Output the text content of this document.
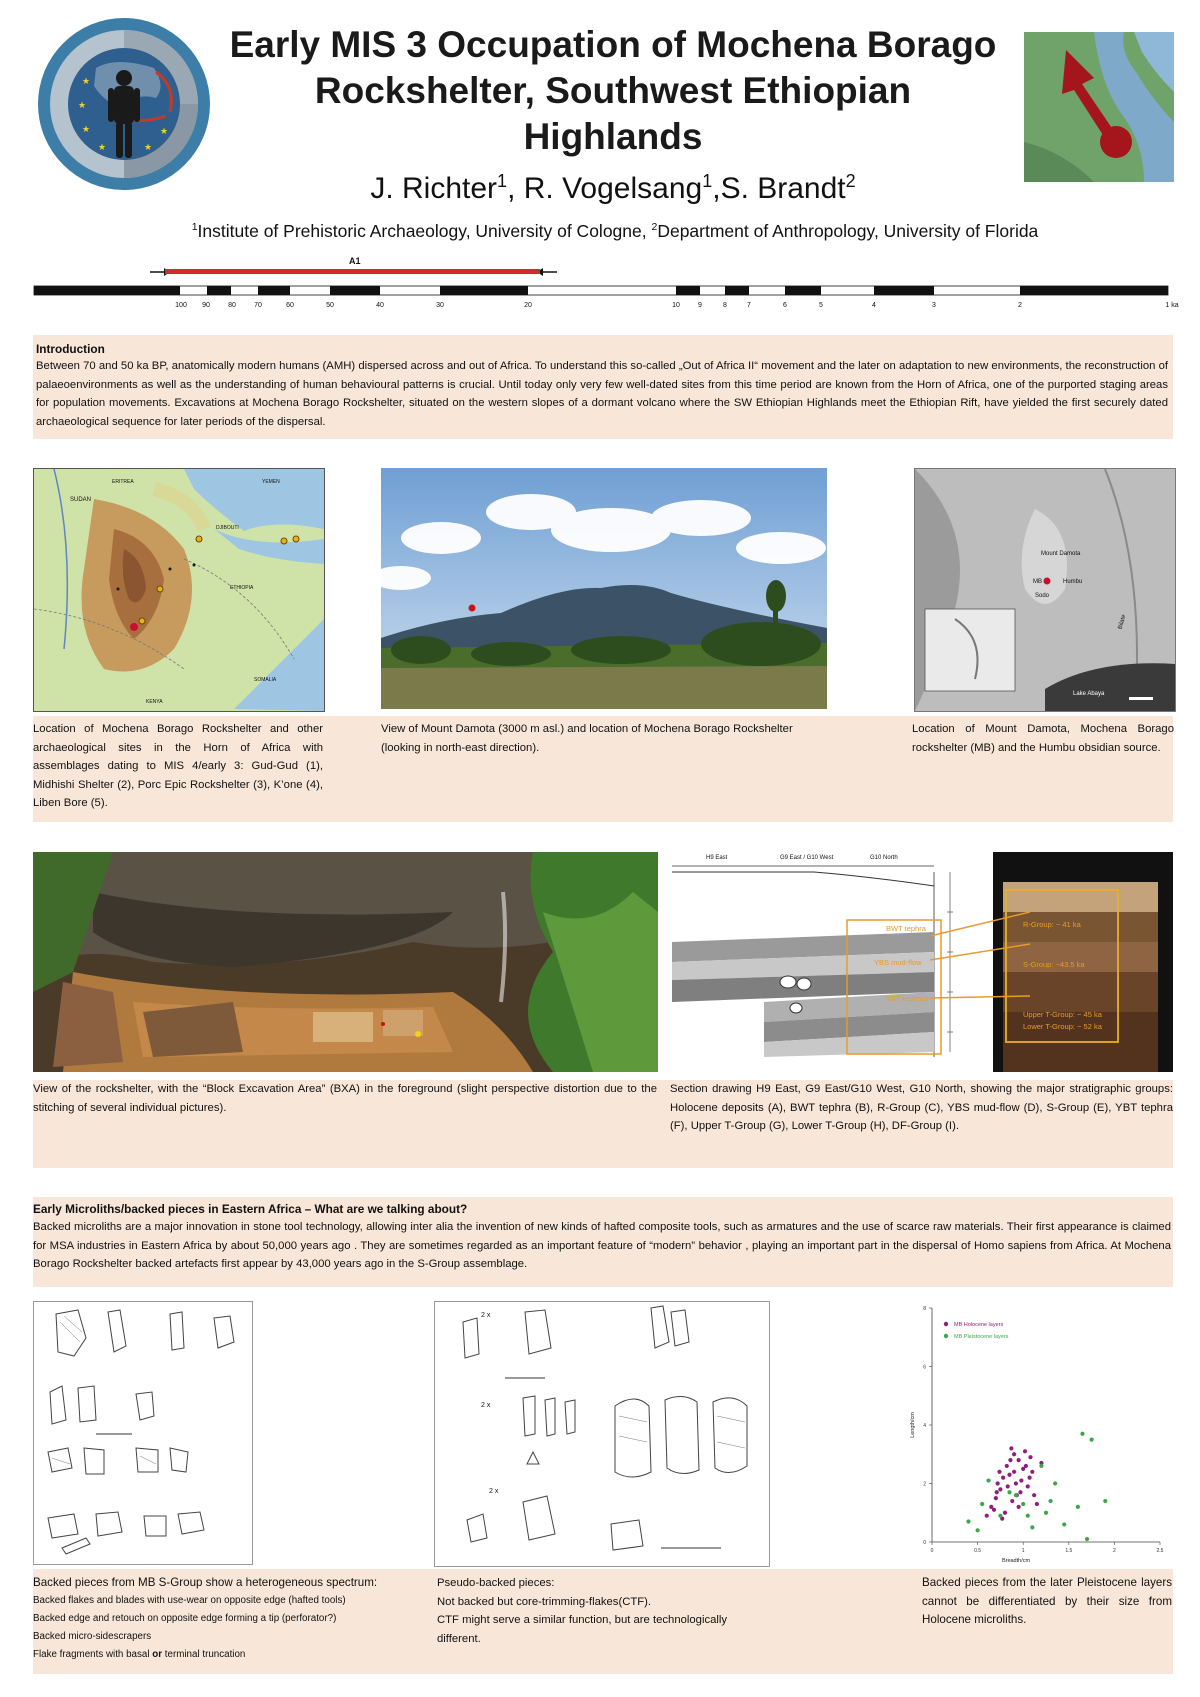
★
★
★
★	★
★
Early MIS 3 Occupation of Mochena Borago Rockshelter, Southwest Ethiopian Highlands
J. Richter$^1$, R. Vogelsang$^1$,S. Brandt$^2$
$^1$Institute of Prehistoric Archaeology, University of Cologne, $^2$Department of Anthropology, University of Florida
A1
100 90	80	70	60	50	40	30	20	10	9	8	7	6	5	4	3	2	1 ka
Introduction
Between 70 and 50 ka BP, anatomically modern humans (AMH) dispersed across and out of Africa. To understand this so-called „Out of Africa II“ movement and the later on adaptation to new environments, the reconstruction of palaeoenvironments as well as the understanding of human behavioural patterns is crucial. Until today only very few well-dated sites from this time period are known from the Horn of Africa, one of the purported staging areas for population movements. Excavations at Mochena Borago Rockshelter, situated on the western slopes of a dormant volcano where the SW Ethiopian Highlands meet the Ethiopian Rift, have yielded the first securely dated archaeological sequence for later periods of the dispersal.
SUDAN
ERITREA	YEMEN
DJIBOUTI
ETHIOPIA
SOMALIA
KENYA
Mount Damota
MB
Sodo
Humbu
Lake Abaya
Bilate
Location of Mochena Borago Rockshelter and other archaeological sites in the Horn of Africa with assemblages dating to MIS 4/early 3: Gud-Gud (1), Midhishi Shelter (2), Porc Epic Rockshelter (3), K’one (4), Liben Bore (5).
View of Mount Damota (3000 m asl.) and location of Mochena Borago Rockshelter (looking in north-east direction).
Location of Mount Damota, Mochena Borago rockshelter (MB) and the Humbu obsidian source.
H9 East	G9 East / G10 West	G10 North
BWT tephra
YBS mud-flow
YBT tephhra
R-Group: ~ 41 ka
S-Group: ~43.5 ka
Upper T-Group: ~ 45 ka
Lower T-Group: ~ 52 ka
View of the rockshelter, with the “Block Excavation Area” (BXA) in the foreground (slight perspective distortion due to the stitching of several individual pictures).
Section drawing H9 East, G9 East/G10 West, G10 North, showing the major stratigraphic groups: Holocene deposits (A), BWT tephra (B), R-Group (C), YBS mud-flow (D), S-Group (E), YBT tephra (F), Upper T-Group (G), Lower T-Group (H), DF-Group (I).
Early Microliths/backed pieces in Eastern Africa – What are we talking about?
Backed microliths are a major innovation in stone tool technology, allowing inter alia the invention of new kinds of hafted composite tools, such as armatures and the use of scarce raw materials. Their first appearance is claimed for MSA industries in Eastern Africa by about 50,000 years ago . They are sometimes regarded as an important feature of “modern” behavior , playing an important part in the dispersal of Homo sapiens from Africa. At Mochena Borago Rockshelter backed artefacts first appear by 43,000 years ago in the S-Group assemblage.
2 x
2 x
2 x
0
2
4
6
8
0	0.5	1	1.5	2	2.5
Breadth/cm
Length/cm
MB Holocene layers
MB Pleistocene layers
Backed pieces from MB S-Group show a heterogeneous spectrum:
Backed flakes and blades with use-wear on opposite edge (hafted tools)
Backed edge and retouch on opposite edge forming a tip (perforator?)
Backed micro-sidescrapers
Flake fragments with basal or terminal truncation
Pseudo-backed pieces:
Not backed but core-trimming-flakes(CTF).
CTF might serve a similar function, but are technologically different.
Backed pieces from the later Pleistocene layers cannot be differentiated by their size from Holocene microliths.
